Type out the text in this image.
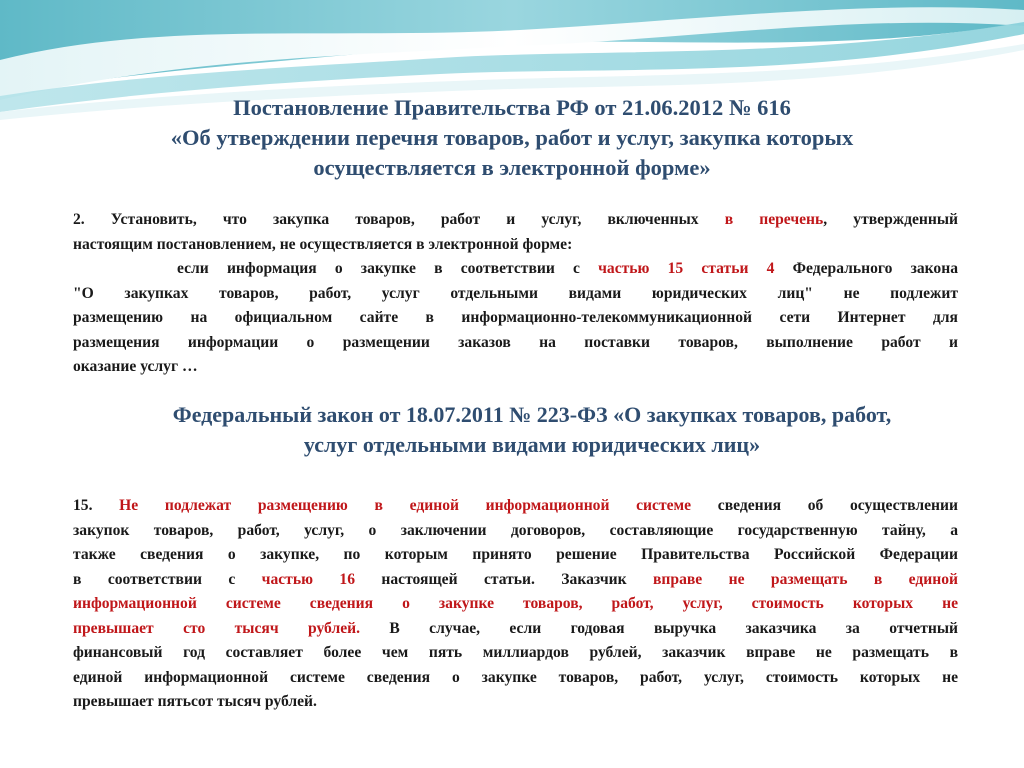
Постановление Правительства РФ от 21.06.2012 № 616
«Об утверждении перечня товаров, работ и услуг, закупка которых
осуществляется в электронной форме»
2. Установить, что закупка товаров, работ и услуг, включенных в перечень, утвержденный
настоящим постановлением, не осуществляется в электронной форме:
если информация о закупке в соответствии с частью 15 статьи 4 Федерального закона
"О закупках товаров, работ, услуг отдельными видами юридических лиц" не подлежит
размещению на официальном сайте в информационно-телекоммуникационной сети Интернет для
размещения информации о размещении заказов на поставки товаров, выполнение работ и
оказание услуг …
Федеральный закон от 18.07.2011 № 223-ФЗ «О закупках товаров, работ,
услуг отдельными видами юридических лиц»
15. Не подлежат размещению в единой информационной системе сведения об осуществлении
закупок товаров, работ, услуг, о заключении договоров, составляющие государственную тайну, а
также сведения о закупке, по которым принято решение Правительства Российской Федерации
в соответствии с частью 16 настоящей статьи. Заказчик вправе не размещать в единой
информационной системе сведения о закупке товаров, работ, услуг, стоимость которых не
превышает сто тысяч рублей. В случае, если годовая выручка заказчика за отчетный
финансовый год составляет более чем пять миллиардов рублей, заказчик вправе не размещать в
единой информационной системе сведения о закупке товаров, работ, услуг, стоимость которых не
превышает пятьсот тысяч рублей.
